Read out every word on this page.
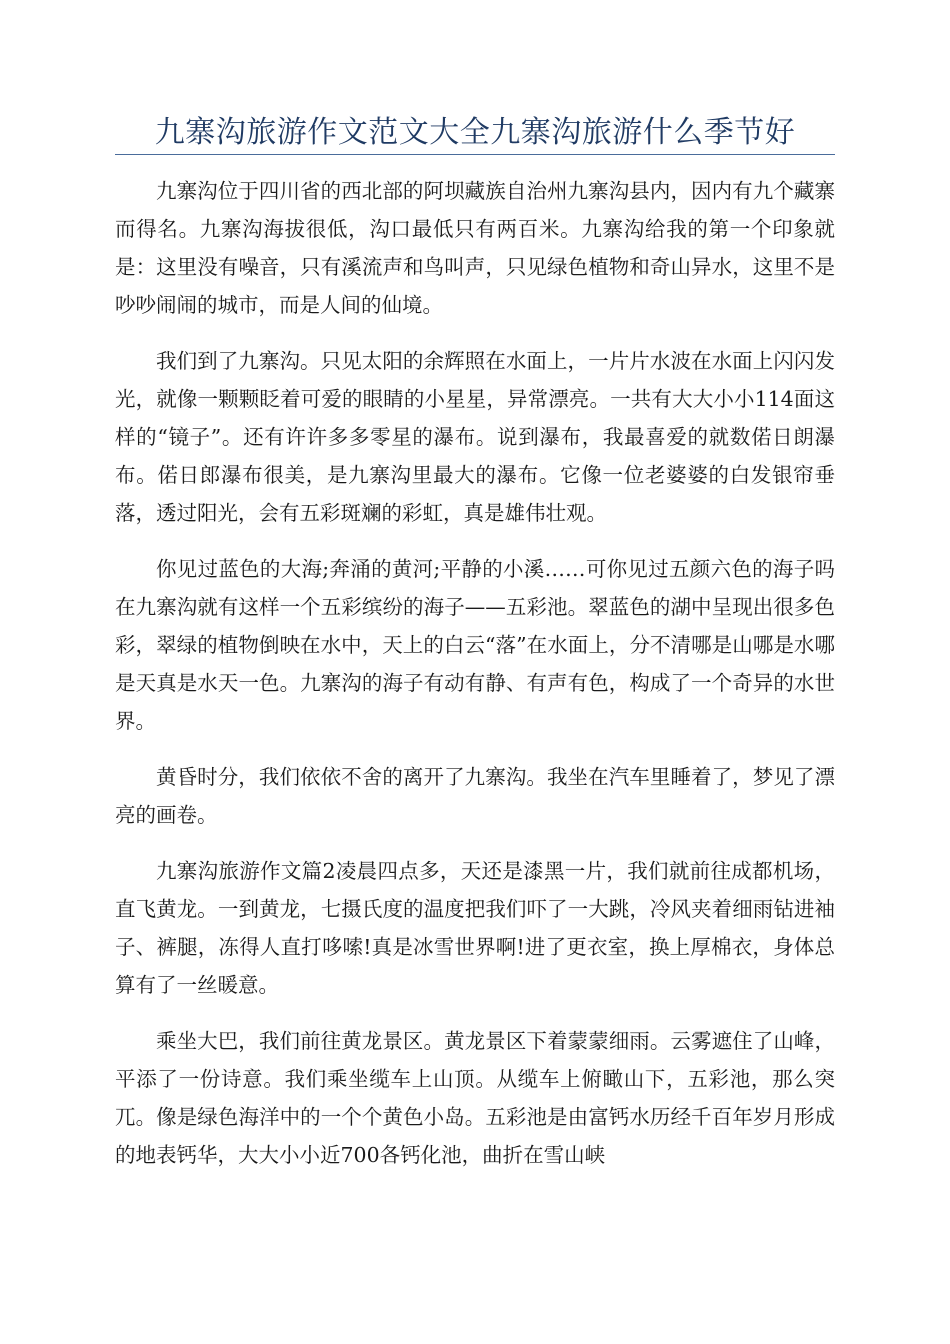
九寨沟旅游作文范文大全九寨沟旅游什么季节好

九寨沟位于四川省的西北部的阿坝藏族自治州九寨沟县内，因内有九个藏寨而得名。九寨沟海拔很低，沟口最低只有两百米。九寨沟给我的第一个印象就是：这里没有噪音，只有溪流声和鸟叫声，只见绿色植物和奇山异水，这里不是吵吵闹闹的城市，而是人间的仙境。

我们到了九寨沟。只见太阳的余辉照在水面上，一片片水波在水面上闪闪发光，就像一颗颗眨着可爱的眼睛的小星星，异常漂亮。一共有大大小小114面这样的“镜子”。还有许许多多零星的瀑布。说到瀑布，我最喜爱的就数偌日朗瀑布。偌日郎瀑布很美，是九寨沟里最大的瀑布。它像一位老婆婆的白发银帘垂落，透过阳光，会有五彩斑斓的彩虹，真是雄伟壮观。

你见过蓝色的大海;奔涌的黄河;平静的小溪……可你见过五颜六色的海子吗在九寨沟就有这样一个五彩缤纷的海子——五彩池。翠蓝色的湖中呈现出很多色彩，翠绿的植物倒映在水中，天上的白云“落”在水面上，分不清哪是山哪是水哪是天真是水天一色。九寨沟的海子有动有静、有声有色，构成了一个奇异的水世界。

黄昏时分，我们依依不舍的离开了九寨沟。我坐在汽车里睡着了，梦见了漂亮的画卷。

九寨沟旅游作文篇2凌晨四点多，天还是漆黑一片，我们就前往成都机场，直飞黄龙。一到黄龙，七摄氏度的温度把我们吓了一大跳，冷风夹着细雨钻进袖子、裤腿，冻得人直打哆嗦!真是冰雪世界啊!进了更衣室，换上厚棉衣，身体总算有了一丝暖意。

乘坐大巴，我们前往黄龙景区。黄龙景区下着蒙蒙细雨。云雾遮住了山峰，平添了一份诗意。我们乘坐缆车上山顶。从缆车上俯瞰山下，五彩池，那么突兀。像是绿色海洋中的一个个黄色小岛。五彩池是由富钙水历经千百年岁月形成的地表钙华，大大小小近700各钙化池，曲折在雪山峡
